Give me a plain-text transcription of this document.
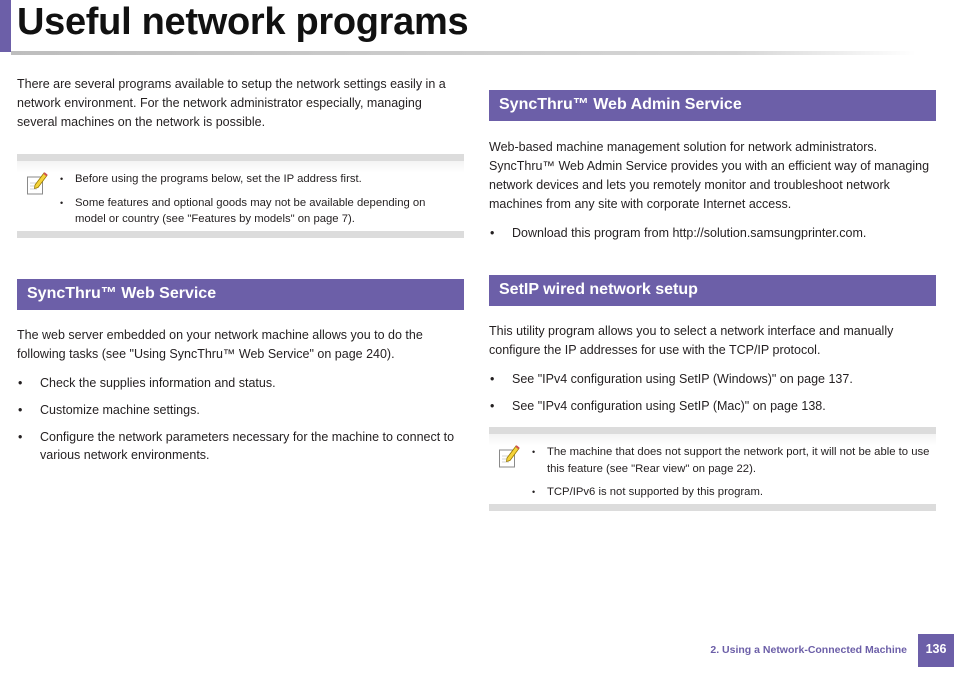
Useful network programs

There are several programs available to setup the network settings easily in a network environment. For the network administrator especially, managing several machines on the network is possible.

• Before using the programs below, set the IP address first.
• Some features and optional goods may not be available depending on model or country (see "Features by models" on page 7).
SyncThru™ Web Service

The web server embedded on your network machine allows you to do the following tasks (see "Using SyncThru™ Web Service" on page 240).

• Check the supplies information and status.
• Customize machine settings.
• Configure the network parameters necessary for the machine to connect to various network environments.
SyncThru™ Web Admin Service

Web-based machine management solution for network administrators. SyncThru™ Web Admin Service provides you with an efficient way of managing network devices and lets you remotely monitor and troubleshoot network machines from any site with corporate Internet access.

• Download this program from http://solution.samsungprinter.com.
SetIP wired network setup

This utility program allows you to select a network interface and manually configure the IP addresses for use with the TCP/IP protocol.

• See "IPv4 configuration using SetIP (Windows)" on page 137.
• See "IPv4 configuration using SetIP (Mac)" on page 138.
• The machine that does not support the network port, it will not be able to use this feature (see "Rear view" on page 22).
• TCP/IPv6 is not supported by this program.
2. Using a Network-Connected Machine	136
